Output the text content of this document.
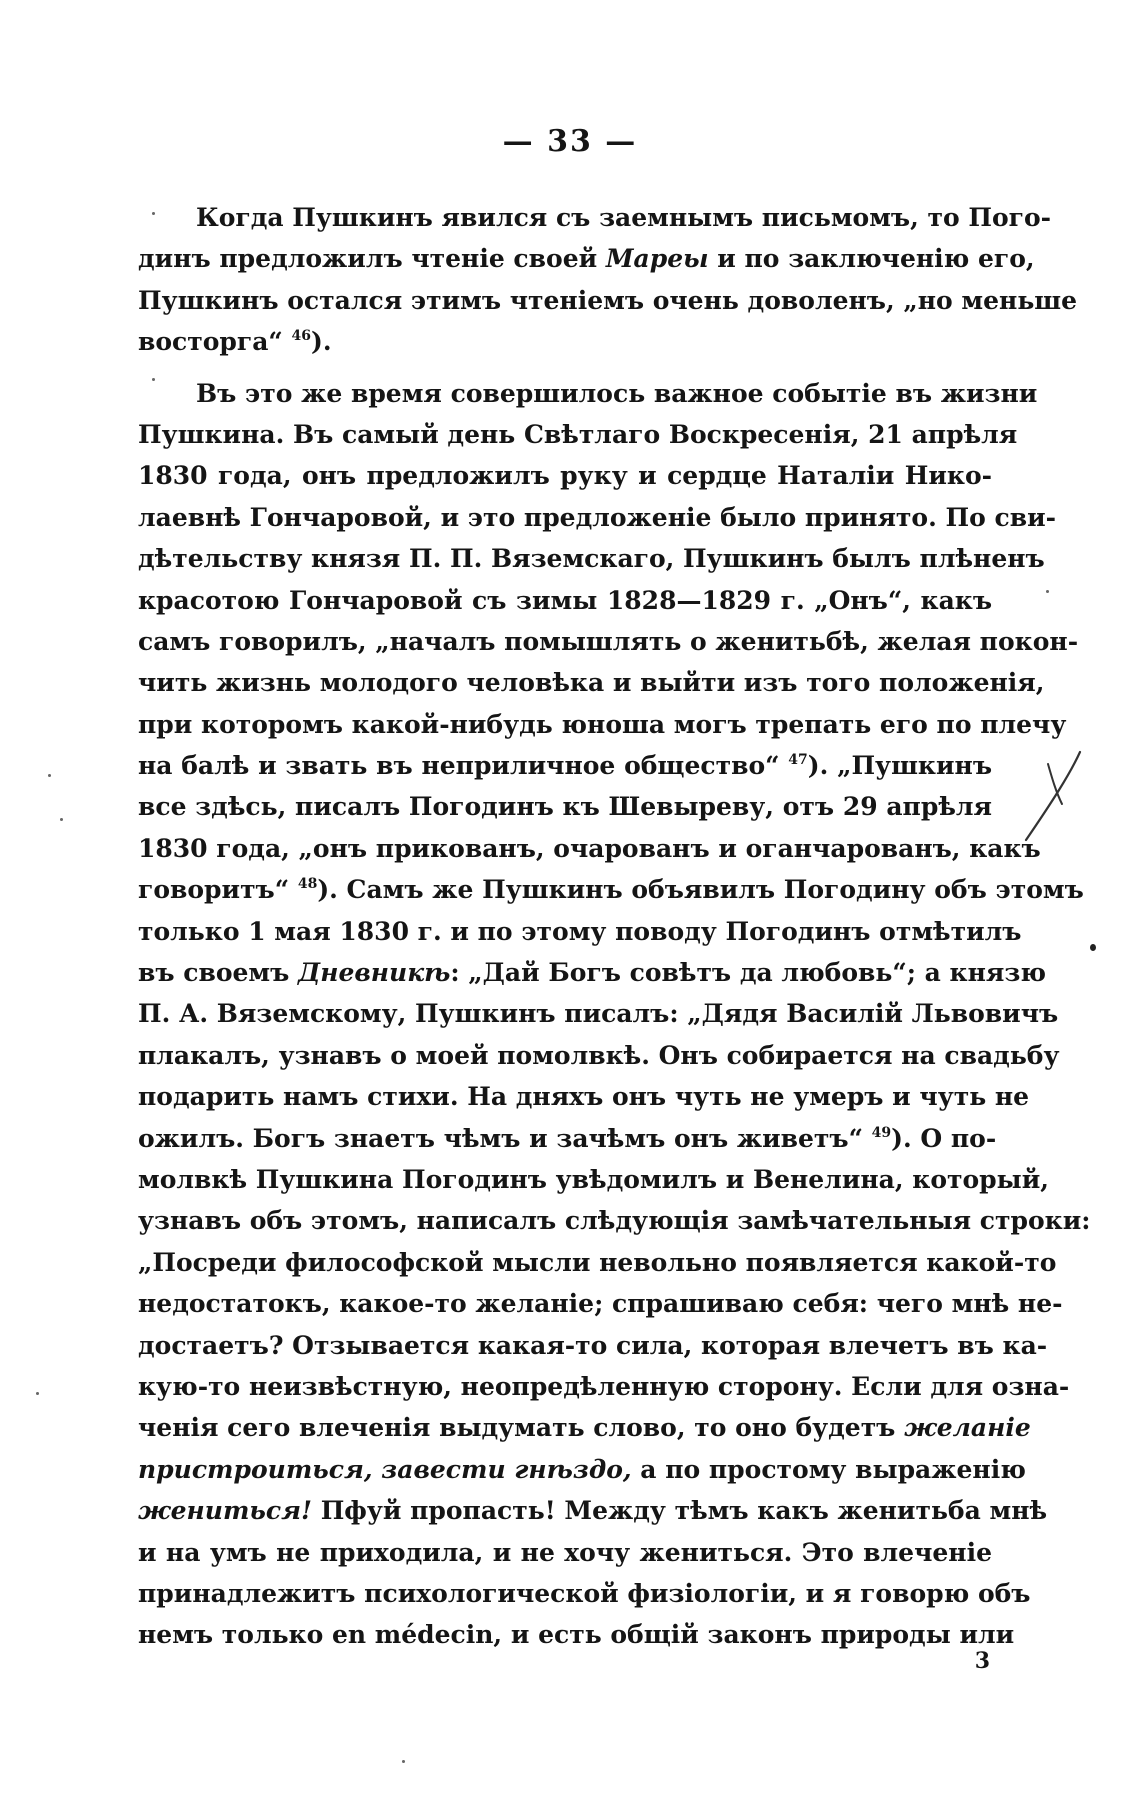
— 33 —
Когда Пушкинъ явился съ заемнымъ письмомъ, то Пого-
динъ предложилъ чтеніе своей Мареы и по заключенію его,
Пушкинъ остался этимъ чтеніемъ очень доволенъ, „но меньше
восторга“ $^{46}$).
Въ это же время совершилось важное событіе въ жизни
Пушкина. Въ самый день Свѣтлаго Воскресенія, 21 апрѣля
1830 года, онъ предложилъ руку и сердце Наталіи Нико-
лаевнѣ Гончаровой, и это предложеніе было принято. По сви-
дѣтельству князя П. П. Вяземскаго, Пушкинъ былъ плѣненъ
красотою Гончаровой съ зимы 1828—1829 г. „Онъ“, какъ
самъ говорилъ, „началъ помышлять о женитьбѣ, желая покон-
чить жизнь молодого человѣка и выйти изъ того положенія,
при которомъ какой-нибудь юноша могъ трепать его по плечу
на балѣ и звать въ неприличное общество“ $^{47}$). „Пушкинъ
все здѣсь, писалъ Погодинъ къ Шевыреву, отъ 29 апрѣля
1830 года, „онъ прикованъ, очарованъ и оганчарованъ, какъ
говоритъ“ $^{48}$). Самъ же Пушкинъ объявилъ Погодину объ этомъ
только 1 мая 1830 г. и по этому поводу Погодинъ отмѣтилъ
въ своемъ Дневникѣ: „Дай Богъ совѣтъ да любовь“; а князю
П. А. Вяземскому, Пушкинъ писалъ: „Дядя Василій Львовичъ
плакалъ, узнавъ о моей помолвкѣ. Онъ собирается на свадьбу
подарить намъ стихи. На дняхъ онъ чуть не умеръ и чуть не
ожилъ. Богъ знаетъ чѣмъ и зачѣмъ онъ живетъ“ $^{49}$). О по-
молвкѣ Пушкина Погодинъ увѣдомилъ и Венелина, который,
узнавъ объ этомъ, написалъ слѣдующія замѣчательныя строки:
„Посреди философской мысли невольно появляется какой-то
недостатокъ, какое-то желаніе; спрашиваю себя: чего мнѣ не-
достаетъ? Отзывается какая-то сила, которая влечетъ въ ка-
кую-то неизвѣстную, неопредѣленную сторону. Если для озна-
ченія сего влеченія выдумать слово, то оно будетъ желаніе
пристроиться, завести гнѣздо, а по простому выраженію
жениться! Пфуй пропасть! Между тѣмъ какъ женитьба мнѣ
и на умъ не приходила, и не хочу жениться. Это влеченіе
принадлежитъ психологической физіологіи, и я говорю объ
немъ только en médecin, и есть общій законъ природы или
3
